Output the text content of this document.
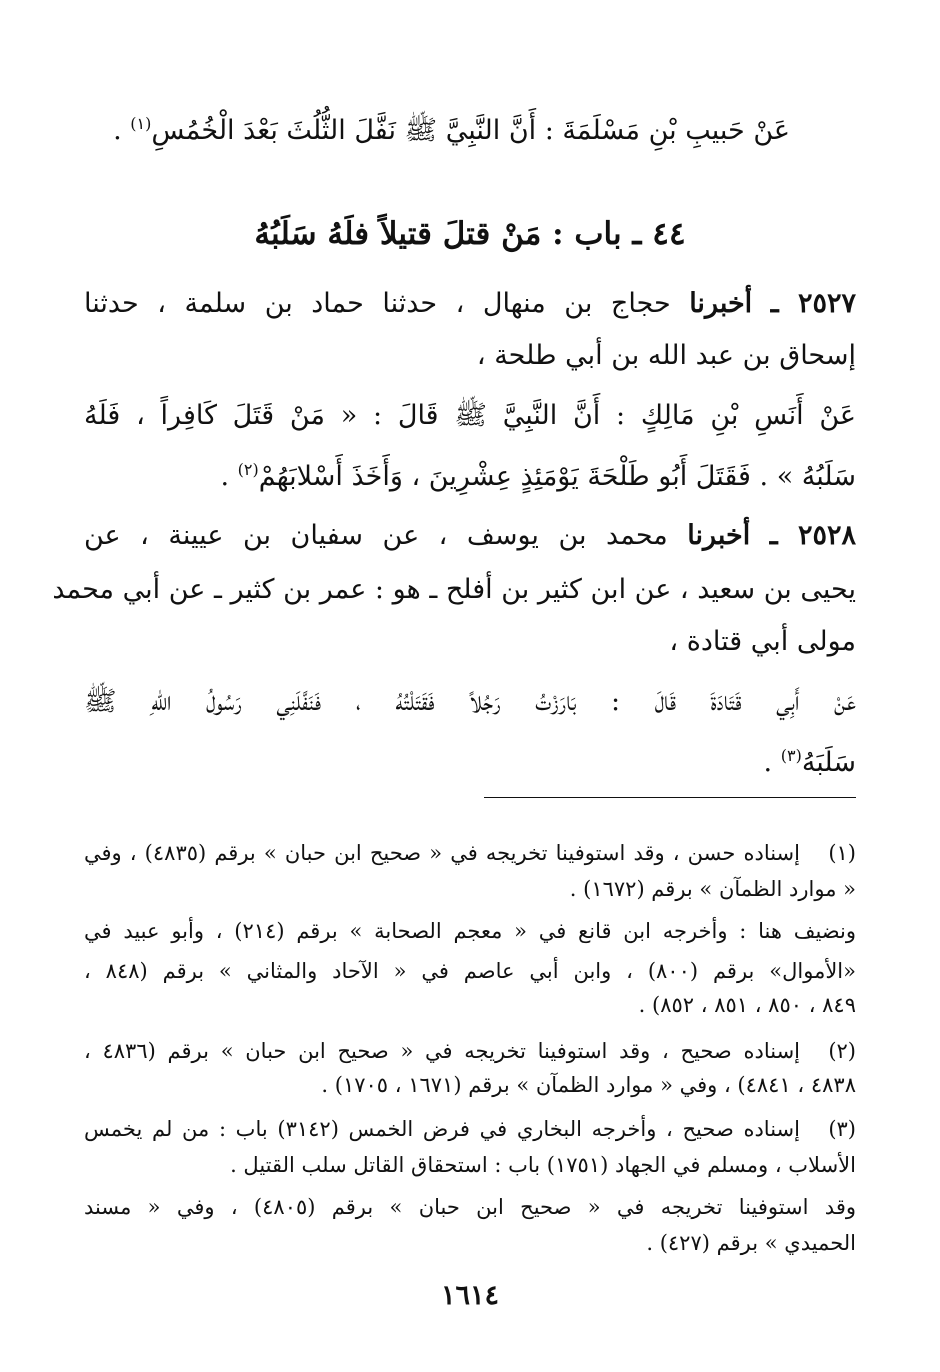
عَنْ حَبيبِ بْنِ مَسْلَمَةَ : أَنَّ النَّبِيَّ ﷺ نَفَّلَ الثُّلُثَ بَعْدَ الْخُمُسِ$^{(١)}$ .
٤٤ ـ باب : مَنْ قتلَ قتيلاً فلَهُ سَلَبُهُ
٢٥٢٧ ـ أخبرنا حجاج بن منهال ، حدثنا حماد بن سلمة ، حدثنا
إسحاق بن عبد الله بن أبي طلحة ،
عَنْ أَنَسِ بْنِ مَالِكٍ : أَنَّ النَّبِيَّ ﷺ قَالَ : « مَنْ قَتَلَ كَافِراً ، فَلَهُ
سَلَبُهُ » . فَقَتَلَ أَبُو طَلْحَةَ يَوْمَئِذٍ عِشْرِينَ ، وَأَخَذَ أَسْلابَهُمْ$^{(٢)}$ .
٢٥٢٨ ـ أخبرنا محمد بن يوسف ، عن سفيان بن عيينة ، عن
يحيى بن سعيد ، عن ابن كثير بن أفلح ـ هو : عمر بن كثير ـ عن أبي محمد
مولى أبي قتادة ،
عَنْ أَبِي قَتَادَةَ قَالَ : بَارَزْتُ رَجُلاً فَقَتَلْتُهُ ، فَنَفَّلَنِي رَسُولُ اللهِ ﷺ
سَلَبَهُ$^{(٣)}$ .
(١)
إسناده حسن ، وقد استوفينا تخريجه في « صحيح ابن حبان » برقم (٤٨٣٥) ، وفي
« موارد الظمآن » برقم (١٦٧٢) .
ونضيف هنا : وأخرجه ابن قانع في « معجم الصحابة » برقم (٢١٤) ، وأبو عبيد في
«الأموال» برقم (٨٠٠) ، وابن أبي عاصم في « الآحاد والمثاني » برقم (٨٤٨ ،
٨٤٩ ، ٨٥٠ ، ٨٥١ ، ٨٥٢) .
(٢)
إسناده صحيح ، وقد استوفينا تخريجه في « صحيح ابن حبان » برقم (٤٨٣٦ ،
٤٨٣٨ ، ٤٨٤١) ، وفي « موارد الظمآن » برقم (١٦٧١ ، ١٧٠٥) .
(٣)
إسناده صحيح ، وأخرجه البخاري في فرض الخمس (٣١٤٢) باب : من لم يخمس
الأسلاب ، ومسلم في الجهاد (١٧٥١) باب : استحقاق القاتل سلب القتيل .
وقد استوفينا تخريجه في « صحيح ابن حبان » برقم (٤٨٠٥) ، وفي « مسند
الحميدي » برقم (٤٢٧) .
١٦١٤
